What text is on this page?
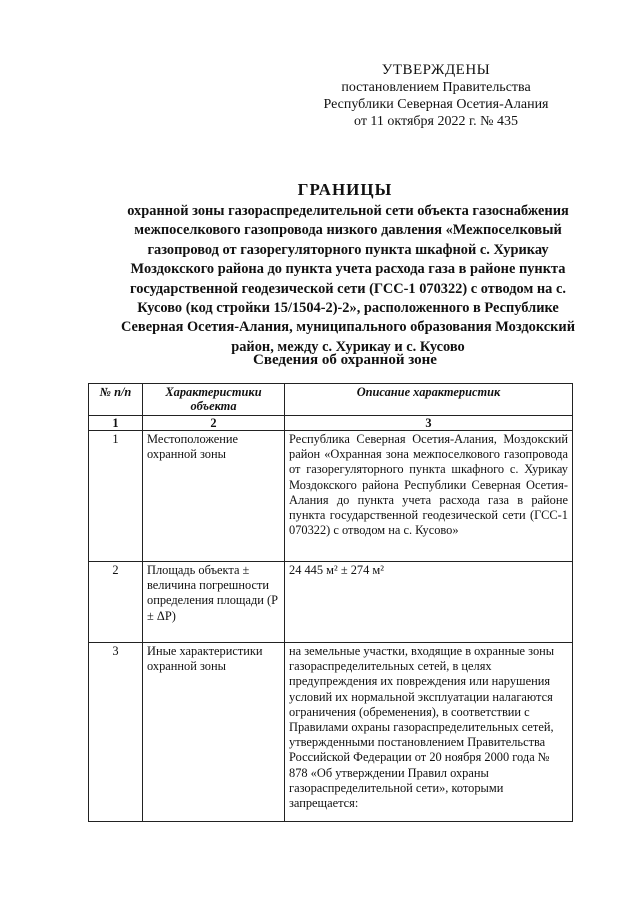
УТВЕРЖДЕНЫ
постановлением Правительства
Республики Северная Осетия-Алания
от 11 октября 2022 г. № 435
ГРАНИЦЫ
охранной зоны газораспределительной сети объекта газоснабжения
межпоселкового газопровода низкого давления «Межпоселковый
газопровод от газорегуляторного пункта шкафной с. Хурикау
Моздокского района до пункта учета расхода газа в районе пункта
государственной геодезической сети (ГСС-1 070322) с отводом на с.
Кусово (код стройки 15/1504-2)-2», расположенного в Республике
Северная Осетия-Алания, муниципального образования Моздокский
район, между с. Хурикау и с. Кусово
Сведения об охранной зоне
№ п/п	Характеристики объекта	Описание характеристик
1	2	3
1	Местоположение охранной зоны	Республика Северная Осетия-Алания, Моздокский район «Охранная зона межпоселкового газопровода от газорегуляторного пункта шкафного с. Хурикау Моздокского района Республики Северная Осетия-Алания до пункта учета расхода газа в районе пункта государственной геодезической сети (ГСС-1 070322) с отводом на с. Кусово»
2	Площадь объекта ± величина погрешности определения площади (P ± ΔP)	24 445 м² ± 274 м²
3	Иные характеристики охранной зоны	на земельные участки, входящие в охранные зоны газораспределительных сетей, в целях предупреждения их повреждения или нарушения условий их нормальной эксплуатации налагаются ограничения (обременения), в соответствии с Правилами охраны газораспределительных сетей, утвержденными постановлением Правительства Российской Федерации от 20 ноября 2000 года № 878 «Об утверждении Правил охраны газораспределительной сети», которыми запрещается:
